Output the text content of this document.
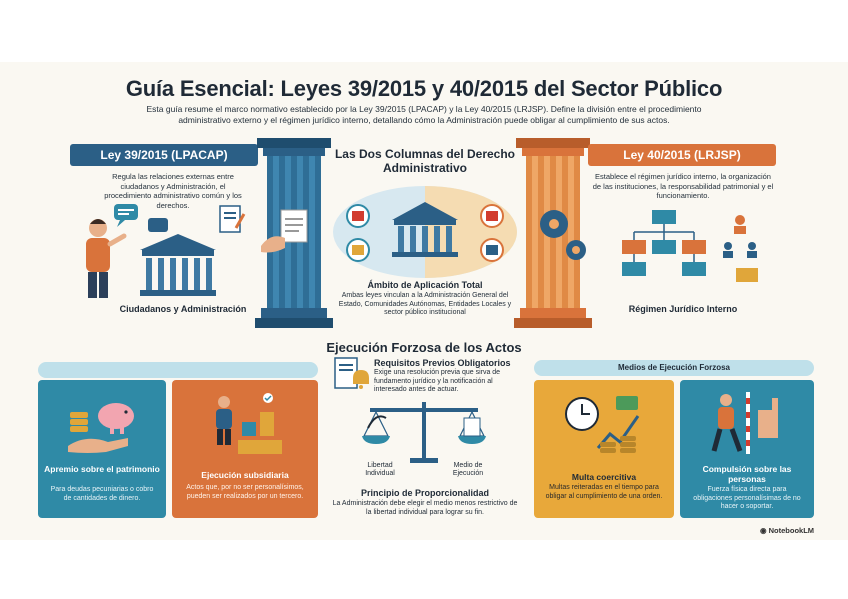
Guía Esencial: Leyes 39/2015 y 40/2015 del Sector Público
Esta guía resume el marco normativo establecido por la Ley 39/2015 (LPACAP) y la Ley 40/2015 (LRJSP). Define la división entre el procedimiento administrativo externo y el régimen jurídico interno, detallando cómo la Administración puede obligar al cumplimiento de sus actos.
Ley 39/2015 (LPACAP)
Regula las relaciones externas entre ciudadanos y Administración, el procedimiento administrativo común y los derechos.
Ciudadanos y Administración
Las Dos Columnas del Derecho Administrativo
Ámbito de Aplicación Total
Ambas leyes vinculan a la Administración General del Estado, Comunidades Autónomas, Entidades Locales y sector público institucional
Ley 40/2015 (LRJSP)
Establece el régimen jurídico interno, la organización de las instituciones, la responsabilidad patrimonial y el funcionamiento.
Régimen Jurídico Interno
Ejecución Forzosa de los Actos
Medios de Ejecución Forzosa
Requisitos Previos Obligatorios
Exige una resolución previa que sirva de fundamento jurídico y la notificación al interesado antes de actuar.
Libertad Individual
Medio de Ejecución
Principio de Proporcionalidad
La Administración debe elegir el medio menos restrictivo de la libertad individual para lograr su fin.
Apremio sobre el patrimonio
Para deudas pecuniarias o cobro de cantidades de dinero.
Ejecución subsidiaria
Actos que, por no ser personalísimos, pueden ser realizados por un tercero.
Multa coercitiva
Multas reiteradas en el tiempo para obligar al cumplimiento de una orden.
Compulsión sobre las personas
Fuerza física directa para obligaciones personalísimas de no hacer o soportar.
◉ NotebookLM
